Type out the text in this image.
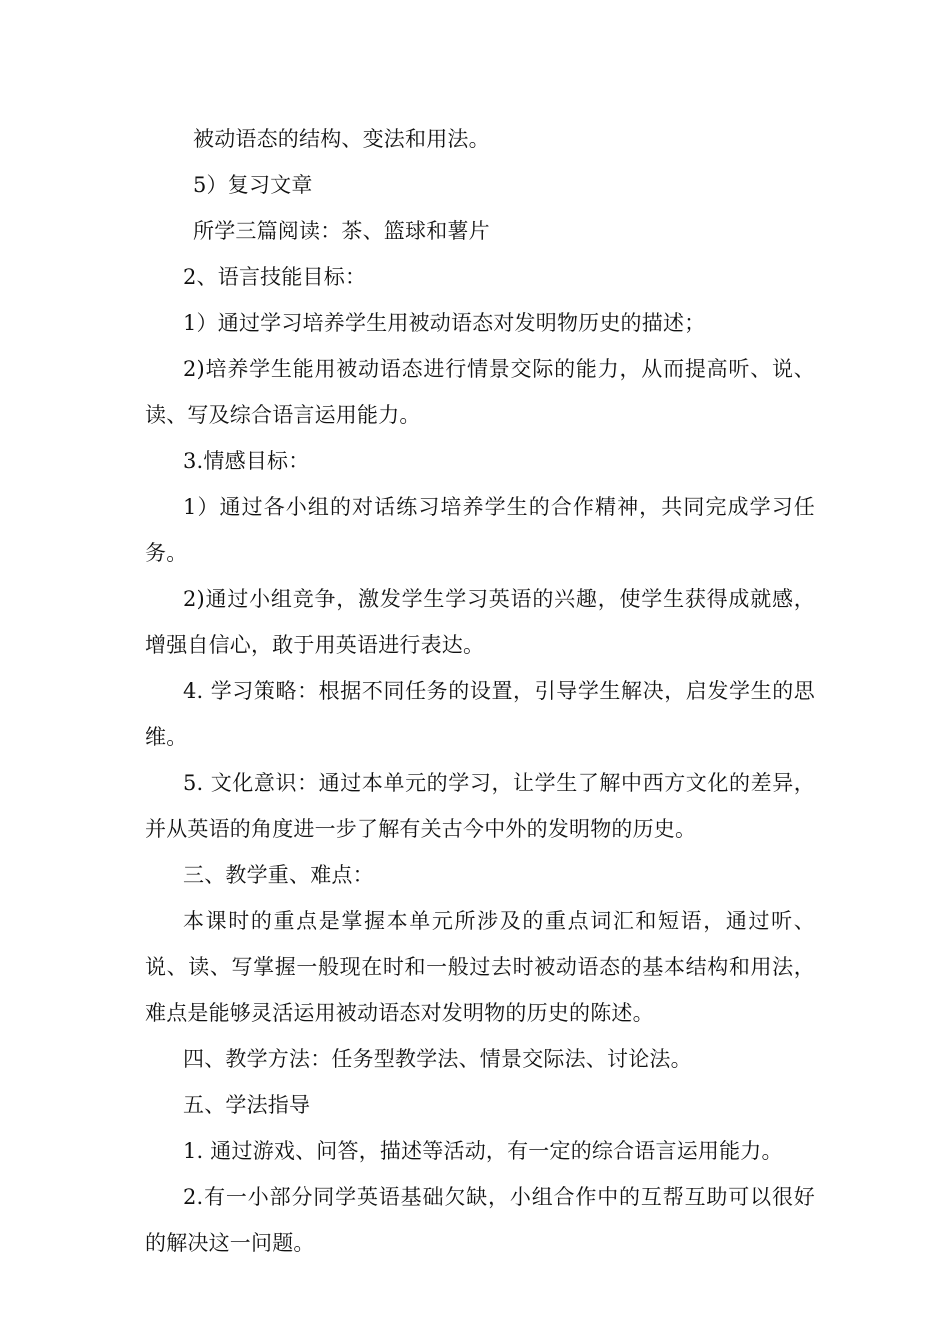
被动语态的结构、变法和用法。

5）复习文章

所学三篇阅读：茶、篮球和薯片

2、语言技能目标：

1）通过学习培养学生用被动语态对发明物历史的描述；

2)培养学生能用被动语态进行情景交际的能力，从而提高听、说、读、写及综合语言运用能力。

3.情感目标：

1）通过各小组的对话练习培养学生的合作精神，共同完成学习任务。

2)通过小组竞争，激发学生学习英语的兴趣，使学生获得成就感，增强自信心，敢于用英语进行表达。

4. 学习策略：根据不同任务的设置，引导学生解决，启发学生的思维。

5. 文化意识：通过本单元的学习，让学生了解中西方文化的差异，并从英语的角度进一步了解有关古今中外的发明物的历史。

三、教学重、难点：

本课时的重点是掌握本单元所涉及的重点词汇和短语，通过听、说、读、写掌握一般现在时和一般过去时被动语态的基本结构和用法，难点是能够灵活运用被动语态对发明物的历史的陈述。

四、教学方法：任务型教学法、情景交际法、讨论法。

五、学法指导

1. 通过游戏、问答，描述等活动，有一定的综合语言运用能力。

2.有一小部分同学英语基础欠缺，小组合作中的互帮互助可以很好的解决这一问题。
